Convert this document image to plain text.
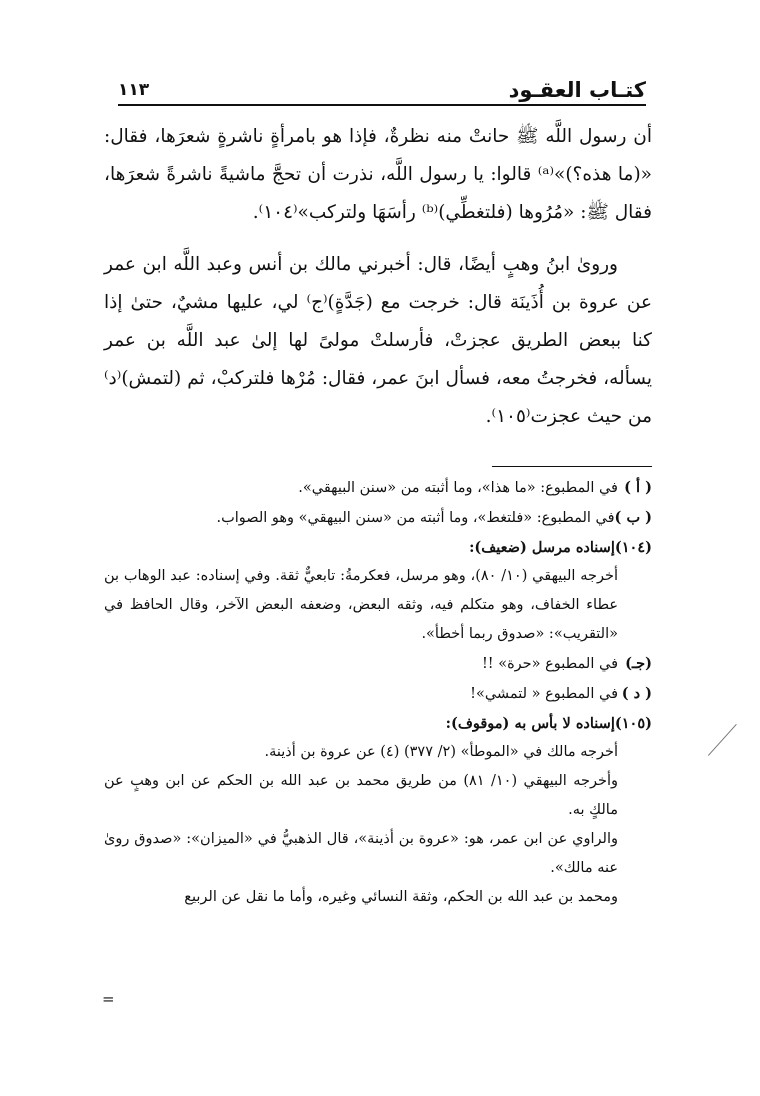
كتـاب العقـود
١١٣

أن رسول اللَّه ﷺ حانتْ منه نظرةٌ، فإذا هو بامرأةٍ ناشرةٍ شعرَها، فقال: «(ما هذه؟)»⁽ᵃ⁾ قالوا: يا رسول اللَّه، نذرت أن تحجَّ ماشيةً ناشرةً شعرَها، فقال ﷺ: «مُرُوها (فلتغطِّي)⁽ᵇ⁾ رأسَهَا ولتركب»⁽١٠٤⁾.

وروىٰ ابنُ وهبٍ أيضًا، قال: أخبرني مالك بن أنس وعبد اللَّه ابن عمر عن عروة بن أُذَينَة قال: خرجت مع (جَدَّةٍ)⁽ج⁾ لي، عليها مشيٌ، حتىٰ إذا كنا ببعض الطريق عجزتْ، فأرسلتْ مولىً لها إلىٰ عبد اللَّه بن عمر يسأله، فخرجتُ معه، فسأل ابنَ عمر، فقال: مُرْها فلتركبْ، ثم (لتمش)⁽د⁾ من حيث عجزت⁽١٠٥⁾.

( أ )في المطبوع: «ما هذا»، وما أثبته من «سنن البيهقي».

( ب )في المطبوع: «فلتغط»، وما أثبته من «سنن البيهقي» وهو الصواب.

(١٠٤)إسناده مرسل (ضعيف):

أخرجه البيهقي (١٠/ ٨٠)، وهو مرسل، فعكرمةُ: تابعيٌّ ثقة. وفي إسناده: عبد الوهاب بن عطاء الخفاف، وهو متكلم فيه، وثقه البعض، وضعفه البعض الآخر، وقال الحافظ في «التقريب»: «صدوق ربما أخطأ».

(جـ)في المطبوع «حرة» !!

( د )في المطبوع « لتمشي»!

(١٠٥)إسناده لا بأس به (موقوف):

أخرجه مالك في «الموطأ» (٢/ ٣٧٧) (٤) عن عروة بن أذينة.

وأخرجه البيهقي (١٠/ ٨١) من طريق محمد بن عبد الله بن الحكم عن ابن وهبٍ عن مالكٍ به.

والراوي عن ابن عمر، هو: «عروة بن أذينة»، قال الذهبيُّ في «الميزان»: «صدوق روىٰ عنه مالك».

ومحمد بن عبد الله بن الحكم، وثقة النسائي وغيره، وأما ما نقل عن الربيع

=
